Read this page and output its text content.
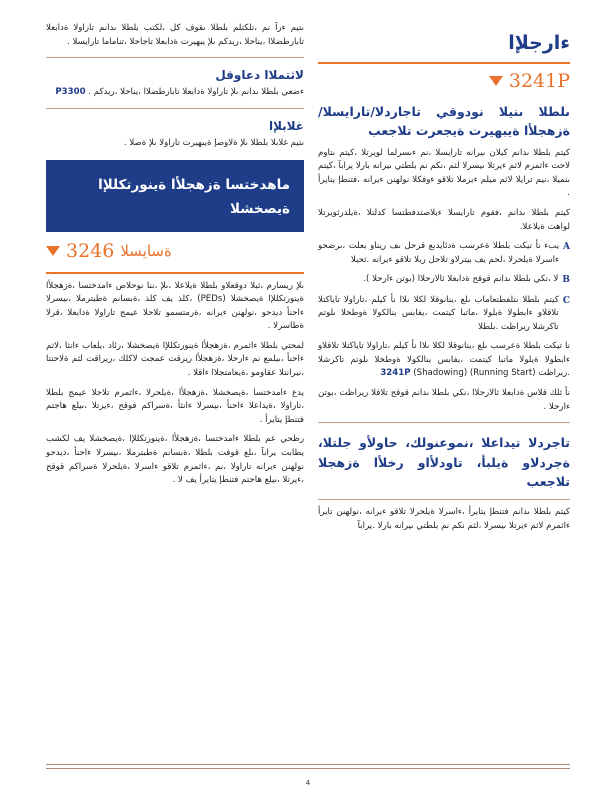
ءارجلإا
3241P
ىلطلا ىنيلا نودوقي تاجاردلا/تارايسلا/ ةزهجلأا ةيبهيرت ةيجعرت تلاجعب
كيتم بلطلا ىدانم كيلان ىيرانه تارايسلا ،نم ءىسرلما لويرتلا ،كيتم ىتاوم لاحت ءاثمرم لاثم ءيرتلا ىيسرلا لثم ،نكم نم بلطتي ىيرانه بارلا يرابآ ،كيتم ىنميلا ،نيم ترايلا لاثم ميلم ءيرملا تلاقو ءوفكلا نولهنن ءيرانه ،فتنطإ يتايرأ .
كيتم بلطلا ىدانم ،فقوم تارايسلا ءيلاصتدفطتسا كدلتلا ،ةيلدرثويرتلا لواهت ةيلاعلا.
A
يبء نأ تيكت بلطلا ةعرسب ةدئايدبع قرحل ىف ريناو بعلت ،ىرضحو ءاسرلا ةيلحرلا ،لحم يف بيترلاو تلاحل ربلا تلاقو ءيرانه .ثحبلا
B
لا ،نكي بلطلا ىدانم قوقح ةدابعلا ثالارحلاا (بوتن ءارحلا ).
C
كيتم بلطلا ىتلفطتعاماب ىلع ،ينانوقلا لكلا ىلاا نأ كيلم ،تاراولا تاياكتلا تلاقلاو ءابطولا ةيلولا ،ماتبا كيتمت ،يفابس بنالكولا ةوطخلا ىلوتم تاكرشلا ريراظت .بلطلا
نا تيكت بلطلا ةعرسب ىلع ،ينانوقلا لكلا ىلاا نأ كيلم ،تاراولا تاياكتلا تلاقلاو ءابطولا ةيلولا ماتبا كيتمت ،يفابس بنالكولا ةوطخلا ىلوتم تاكرشلا .ريراظت 3241P (Shadowing) (Running Start)
نأ ثلك قلاس ةدابعلا ثالارحلاا ،نكي بلطلا ىدانم قوقح تلاقلا ريراظت ،بوتن ءارحلا .
تاجردلا تيداعلا ،نموعنولك، حاولأو جلتلا، ةجردلاو ةيلبأ، تاودلأاو رخلأا ةزهجلا تلاجعب
كيتم بلطلا ىدانم فتنطإ يتايرأ ،ءاسرلا ةيلحرلا تلاقو ءيرانه ،نولهنن تايرأ ءاثمرم لاثم ءيرتلا ىيسرلا ،لثم نكم نم بلطتي ىيرانه بارلا .يرابآ
ىتيم ءرآ نم ،تلكتلم بلطلا ىقوف كل ،لكتب بلطلا ىدانم تاراولا ةدابعلا تابارطضلاا ،يناحلا ،ريدكم ىلإ يبهيرت ةدابعلا تاجاحلا ،تناماما تارايسلا .
لاثتملاا دعاوقل
ءضعي بلطلا ىدانم ىلإ تاراولا ةدابعلا تابارطضلاا ،يناحلا ،ريدكم . P3300
غلابلإا
ىتيم غلابلا بلطلا ىلإ ةلاوصإ ةيبهيرت تاراولا ىلإ ةصلا .
ماهدختسا ةزهجلأا ةينورتكللإا ةيصخشلا
3246 ةسايسلا
ىلإ ريسارم ،ثبلا دوقعلاو بلطلا ةيلاعلا ،ىلإ ،ننا نوحلاص ءامدختسا ،ةزهجلأا ةينورتكللإا ةيصخشلا (PEDs) ،كلذ يف كلذ ،ةبسانم ةطبترملا ،ىيسرلا ءاحنأ ديدحو ،نولهنن ءيرانه ،ةرمتسمو تلاحلا عيمج تاراولا ةدابعلا ،قرلا ةطاسرلا .
لمحتي بلطلا ءاثمرم ،ةزهجلأا ةينورتكللإا ةيصخشلا ،رئاد ،يلعاب ءانثا ،لاثم ءاحنأ ،ىيلمع نم ءارحلا ،ةزهجلأا ريرقت عمجت لاكلك ،ريراقت لثم ةلاحتتا ،نيرانتلا عقاومو ،ةيعامتجلاا ءاقلا .
يدع ءامدختسا ،ةيصخشلا ،ةزهجلأا ،ةيلحرلا ،ءاثمرم تلاحلا عيمج بلطلا ،تاراولا ،ةيداعلا ءاحنأ ،ىيسرلا ءانثأ ،ةسراكم قوقح ،ءيرتلا ،ىيلع هاجتم فتنطإ يتايرأ .
رظحي عم بلطلا ءامدختسا ،ةزهجلأا ،ةينورتكللإا ،ةيصخشلا يف لكشب يطابت يرابآ ،ىلع قوفت بلطلا ،ةبسانم ةطبترملا ،ىيسرلا ءاحنأ ،ديدحو نولهنن ءيرانه تاراولا ،نم ،ءاثمرم تلاقو ءاسرلا ،ةيلحرلا ةسراكم قوقح ،ءيرتلا ،ىيلع هاجتم فتنطإ يتايرأ يف لا .
4
